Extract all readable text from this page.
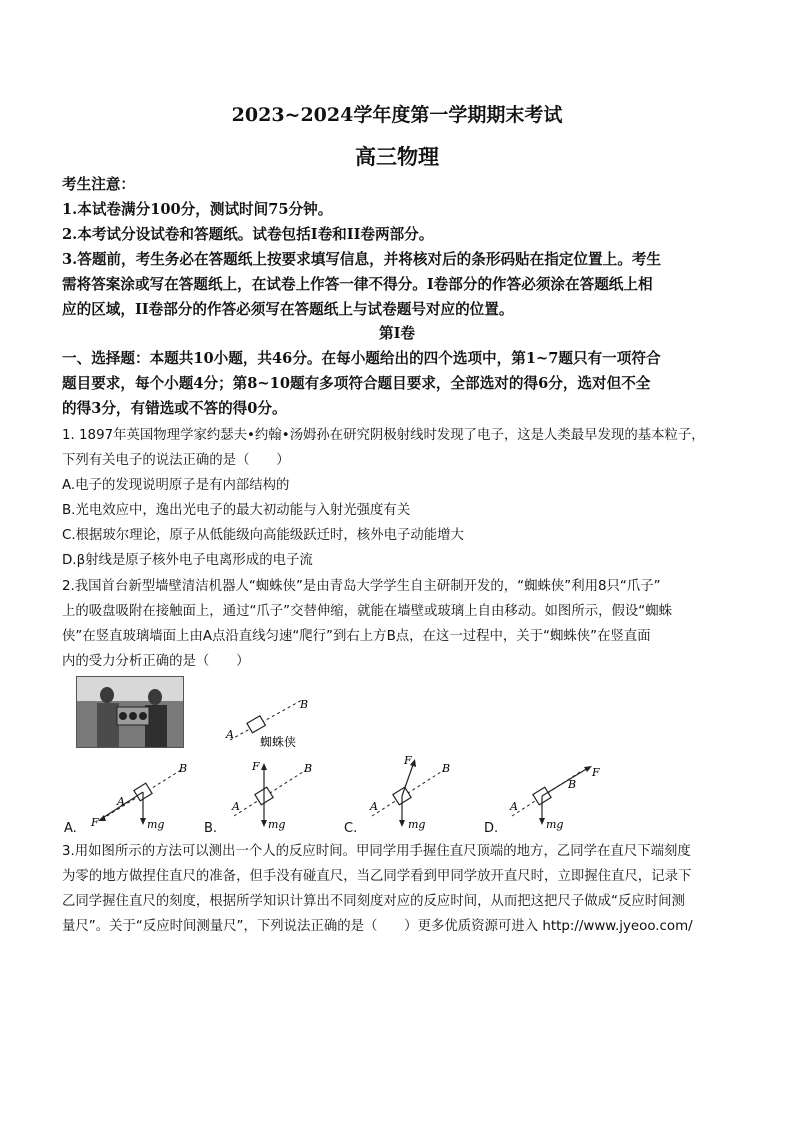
2023~2024学年度第一学期期末考试
高三物理
考生注意：
1.本试卷满分100分，测试时间75分钟。
2.本考试分设试卷和答题纸。试卷包括I卷和II卷两部分。
3.答题前，考生务必在答题纸上按要求填写信息，并将核对后的条形码贴在指定位置上。考生
需将答案涂或写在答题纸上，在试卷上作答一律不得分。I卷部分的作答必须涂在答题纸上相
应的区域，II卷部分的作答必须写在答题纸上与试卷题号对应的位置。
第I卷
一、选择题：本题共10小题，共46分。在每小题给出的四个选项中，第1~7题只有一项符合
题目要求，每个小题4分；第8~10题有多项符合题目要求，全部选对的得6分，选对但不全
的得3分，有错选或不答的得0分。
1. 1897年英国物理学家约瑟夫•约翰•汤姆孙在研究阴极射线时发现了电子，这是人类最早发现的基本粒子，
下列有关电子的说法正确的是（　　）
A.电子的发现说明原子是有内部结构的
B.光电效应中，逸出光电子的最大初动能与入射光强度有关
C.根据玻尔理论，原子从低能级向高能级跃迁时，核外电子动能增大
D.β射线是原子核外电子电离形成的电子流
2.我国首台新型墙壁清洁机器人“蜘蛛侠”是由青岛大学学生自主研制开发的，“蜘蛛侠”利用8只“爪子”
上的吸盘吸附在接触面上，通过“爪子”交替伸缩，就能在墙壁或玻璃上自由移动。如图所示，假设“蜘蛛
侠”在竖直玻璃墙面上由A点沿直线匀速“爬行”到右上方B点，在这一过程中，关于“蜘蛛侠”在竖直面
内的受力分析正确的是（　　）
A
B
蜘蛛侠
A
B
F	mg
A
B
F
mg
A
B
F
mg
A
B
F
mg
A.	B.	C.	D.
3.用如图所示的方法可以测出一个人的反应时间。甲同学用手握住直尺顶端的地方，乙同学在直尺下端刻度
为零的地方做捏住直尺的准备，但手没有碰直尺，当乙同学看到甲同学放开直尺时，立即握住直尺，记录下
乙同学握住直尺的刻度，根据所学知识计算出不同刻度对应的反应时间，从而把这把尺子做成“反应时间测
量尺”。关于“反应时间测量尺”，下列说法正确的是（　　）更多优质资源可进入 http://www.jyeoo.com/
